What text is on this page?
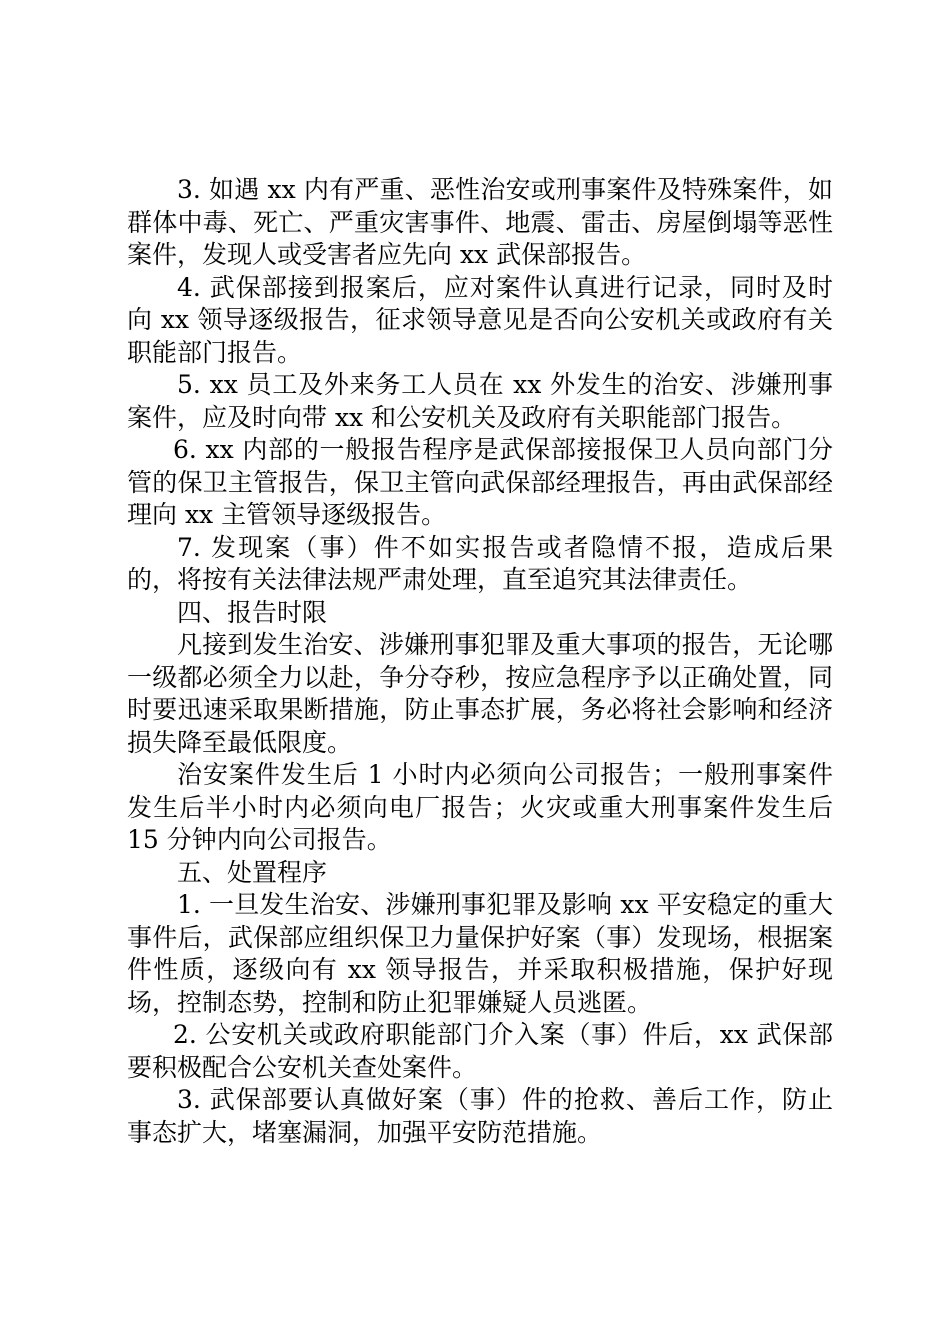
3. 如遇 xx 内有严重、恶性治安或刑事案件及特殊案件，如群体中毒、死亡、严重灾害事件、地震、雷击、房屋倒塌等恶性案件，发现人或受害者应先向 xx 武保部报告。

4. 武保部接到报案后，应对案件认真进行记录，同时及时向 xx 领导逐级报告，征求领导意见是否向公安机关或政府有关职能部门报告。

5. xx 员工及外来务工人员在 xx 外发生的治安、涉嫌刑事案件，应及时向带 xx 和公安机关及政府有关职能部门报告。

6. xx 内部的一般报告程序是武保部接报保卫人员向部门分管的保卫主管报告，保卫主管向武保部经理报告，再由武保部经理向 xx 主管领导逐级报告。

7. 发现案（事）件不如实报告或者隐情不报，造成后果的，将按有关法律法规严肃处理，直至追究其法律责任。

四、报告时限

凡接到发生治安、涉嫌刑事犯罪及重大事项的报告，无论哪一级都必须全力以赴，争分夺秒，按应急程序予以正确处置，同时要迅速采取果断措施，防止事态扩展，务必将社会影响和经济损失降至最低限度。

治安案件发生后 1 小时内必须向公司报告；一般刑事案件发生后半小时内必须向电厂报告；火灾或重大刑事案件发生后 15 分钟内向公司报告。

五、处置程序

1. 一旦发生治安、涉嫌刑事犯罪及影响 xx 平安稳定的重大事件后，武保部应组织保卫力量保护好案（事）发现场，根据案件性质，逐级向有 xx 领导报告，并采取积极措施，保护好现场，控制态势，控制和防止犯罪嫌疑人员逃匿。

2. 公安机关或政府职能部门介入案（事）件后，xx 武保部要积极配合公安机关查处案件。

3. 武保部要认真做好案（事）件的抢救、善后工作，防止事态扩大，堵塞漏洞，加强平安防范措施。
